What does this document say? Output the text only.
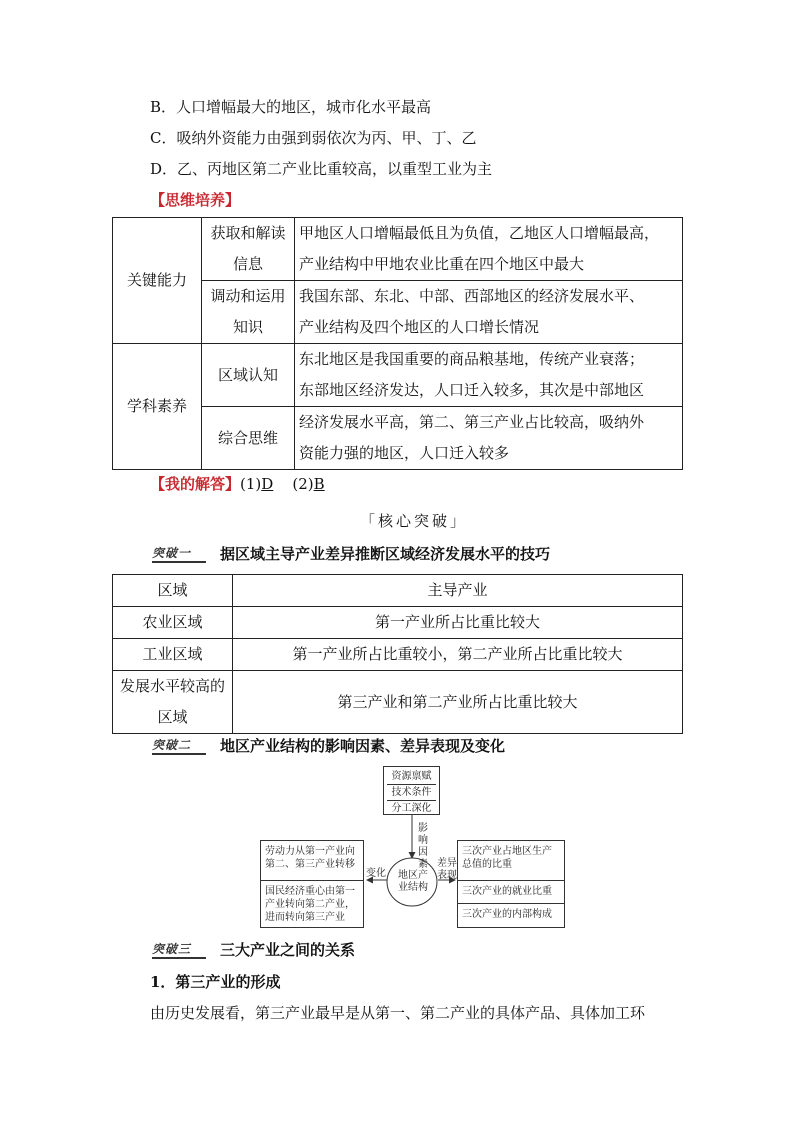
B．人口增幅最大的地区，城市化水平最高
C．吸纳外资能力由强到弱依次为丙、甲、丁、乙
D．乙、丙地区第二产业比重较高，以重型工业为主
【思维培养】
关键能力	获取和解读信息	甲地区人口增幅最低且为负值，乙地区人口增幅最高，
产业结构中甲地农业比重在四个地区中最大

	调动和运用知识	我国东部、东北、中部、西部地区的经济发展水平、
产业结构及四个地区的人口增长情况

学科素养	区域认知	东北地区是我国重要的商品粮基地，传统产业衰落；
东部地区经济发达，人口迁入较多，其次是中部地区

	综合思维	经济发展水平高，第二、第三产业占比较高，吸纳外
资能力强的地区，人口迁入较多
【我的解答】(1)D (2)B
「核心突破」
突破一	据区域主导产业差异推断区域经济发展水平的技巧
区域	主导产业
农业区域	第一产业所占比重比较大
工业区域	第一产业所占比重较小，第二产业所占比重比较大
发展水平较高的区域	第三产业和第二产业所占比重比较大
突破二	地区产业结构的影响因素、差异表现及变化
资源禀赋
技术条件
分工深化
影响因素
地区产业结构
变化
差异表现
劳动力从第一产业向第二、第三产业转移
国民经济重心由第一产业转向第二产业，进而转向第三产业
三次产业占地区生产总值的比重
三次产业的就业比重
三次产业的内部构成
突破三	三大产业之间的关系
1．第三产业的形成
由历史发展看，第三产业最早是从第一、第二产业的具体产品、具体加工环
